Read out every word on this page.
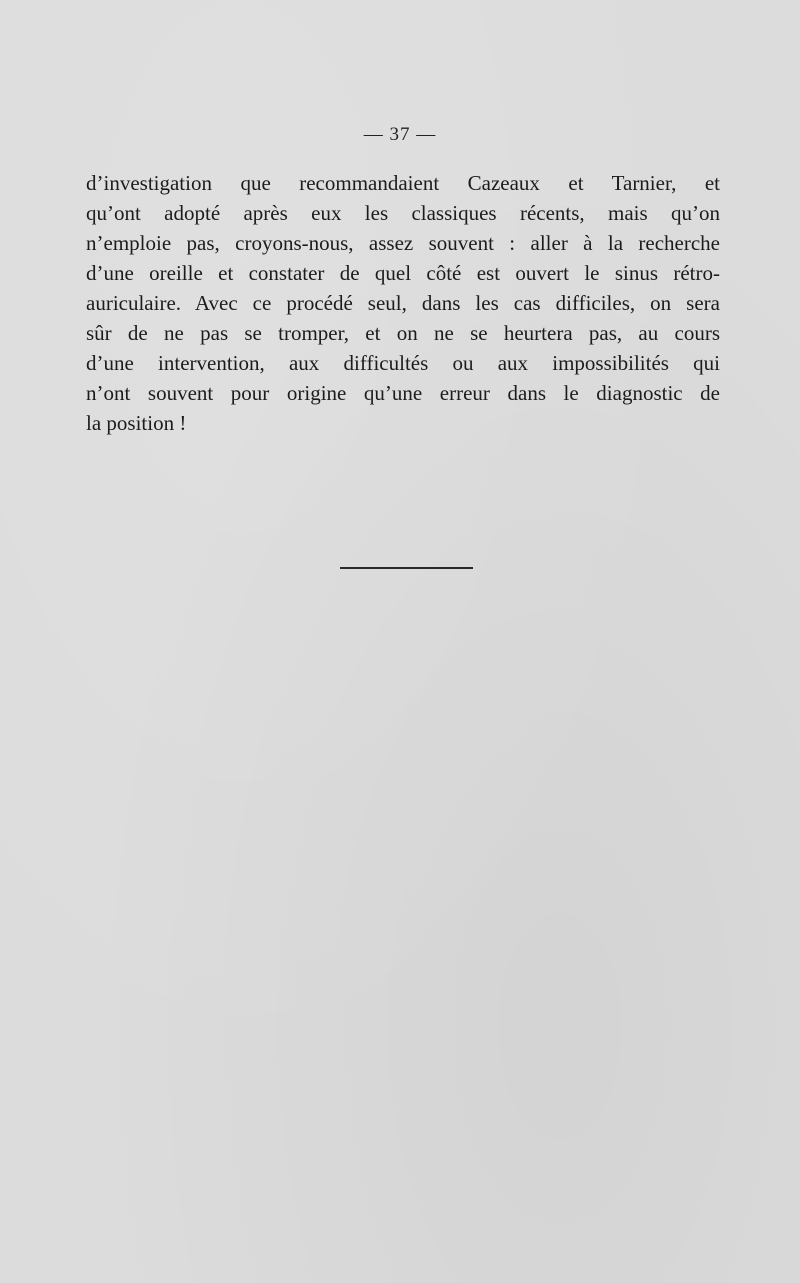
— 37 —
d’investigation que recommandaient Cazeaux et Tarnier, et
qu’ont adopté après eux les classiques récents, mais qu’on
n’emploie pas, croyons-nous, assez souvent : aller à la recherche
d’une oreille et constater de quel côté est ouvert le sinus rétro-
auriculaire. Avec ce procédé seul, dans les cas difficiles, on sera
sûr de ne pas se tromper, et on ne se heurtera pas, au cours
d’une intervention, aux difficultés ou aux impossibilités qui
n’ont souvent pour origine qu’une erreur dans le diagnostic de
la position !
